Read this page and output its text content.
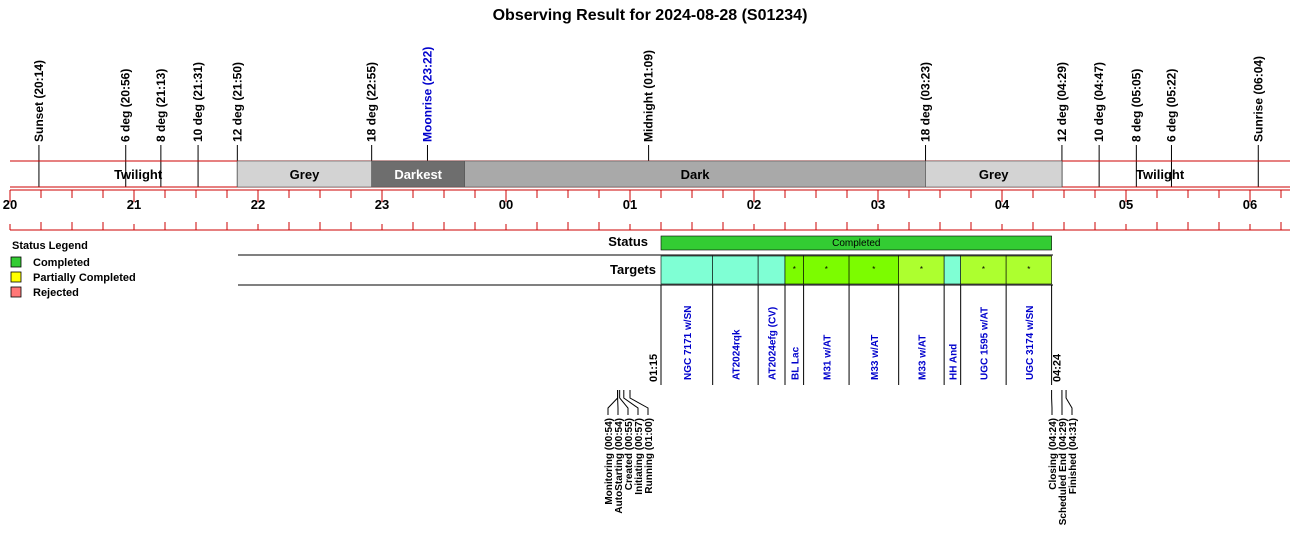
Observing Result for 2024-08-28 (S01234)
Sunset (20:14)	6 deg (20:56) 8 deg (21:13) 10 deg (21:31) 12 deg (21:50)	18 deg (22:55)	Moonrise (23:22)	Midnight (01:09)	18 deg (03:23)	12 deg (04:29) 10 deg (04:47) 8 deg (05:05) 6 deg (05:22)	Sunrise (06:04)
Twilight	Grey	Darkest	Dark	Grey	Twilight
20	21	22	23	00	01	02	03	04	05	06
Status	Completed
Targets
NGC 7171 w/SN	AT2024rqk	AT2024efg (CV)
*
BL Lac
*
M31 w/AT
*
M33 w/AT
*
M33 w/AT HH And
*
UGC 1595 w/AT
*
UGC 3174 w/SN
01:15	04:24
Monitoring (00:54) AutoStarting (00:54) Created (00:55) Initiating (00:57) Running (01:00)	Closing (04:24) Scheduled End (04:29) Finished (04:31)
Status Legend
Completed
Partially Completed
Rejected
